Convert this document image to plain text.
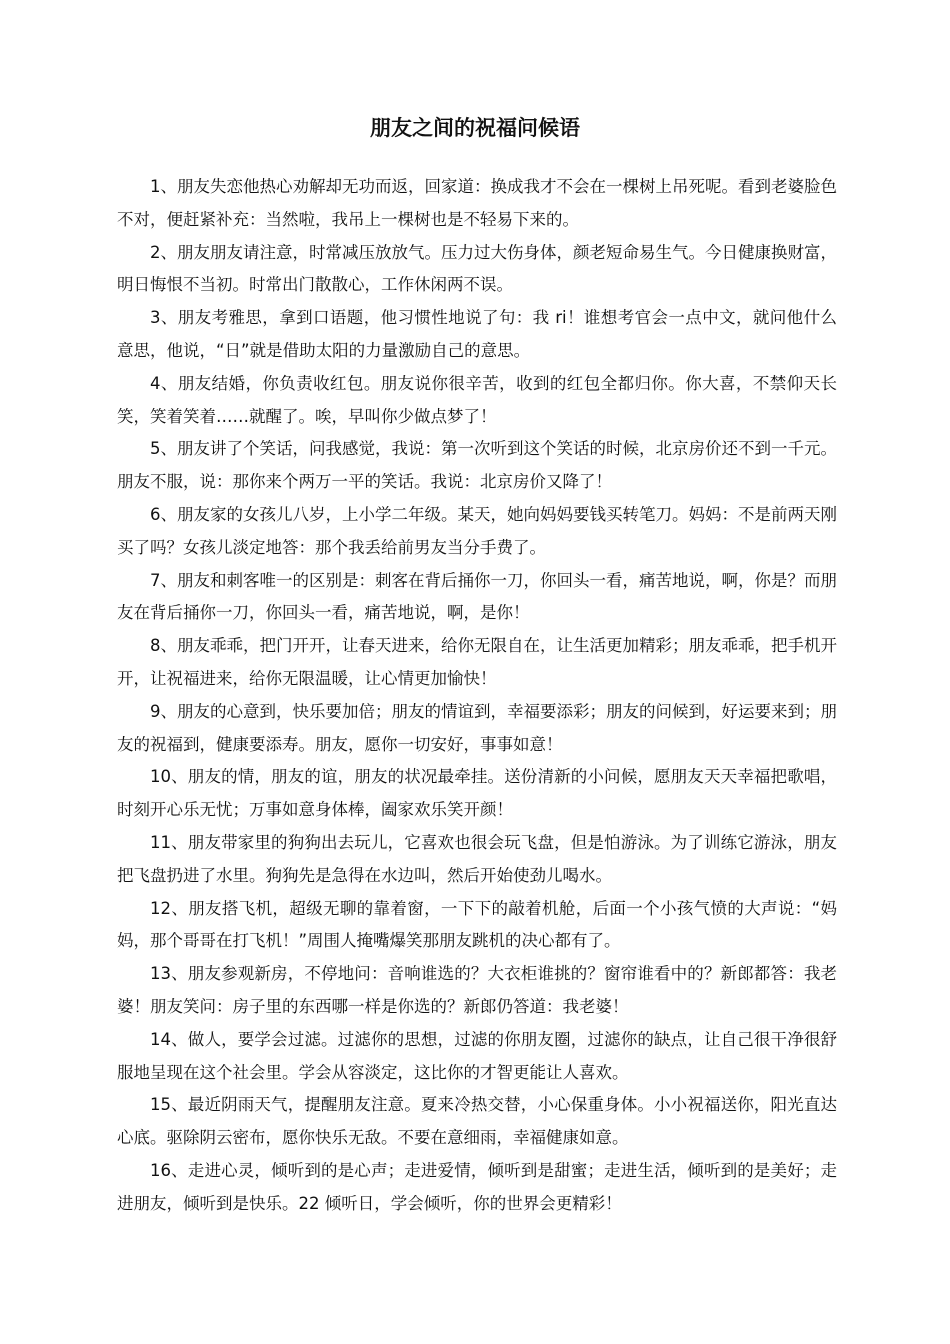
朋友之间的祝福问候语

1、朋友失恋他热心劝解却无功而返，回家道：换成我才不会在一棵树上吊死呢。看到老婆脸色不对，便赶紧补充：当然啦，我吊上一棵树也是不轻易下来的。

2、朋友朋友请注意，时常减压放放气。压力过大伤身体，颜老短命易生气。今日健康换财富，明日悔恨不当初。时常出门散散心，工作休闲两不误。

3、朋友考雅思，拿到口语题，他习惯性地说了句：我 ri！谁想考官会一点中文，就问他什么意思，他说，“日”就是借助太阳的力量激励自己的意思。

4、朋友结婚，你负责收红包。朋友说你很辛苦，收到的红包全都归你。你大喜，不禁仰天长笑，笑着笑着……就醒了。唉，早叫你少做点梦了！

5、朋友讲了个笑话，问我感觉，我说：第一次听到这个笑话的时候，北京房价还不到一千元。朋友不服，说：那你来个两万一平的笑话。我说：北京房价又降了！

6、朋友家的女孩儿八岁，上小学二年级。某天，她向妈妈要钱买转笔刀。妈妈：不是前两天刚买了吗？女孩儿淡定地答：那个我丢给前男友当分手费了。

7、朋友和刺客唯一的区别是：刺客在背后捅你一刀，你回头一看，痛苦地说，啊，你是？而朋友在背后捅你一刀，你回头一看，痛苦地说，啊，是你！

8、朋友乖乖，把门开开，让春天进来，给你无限自在，让生活更加精彩；朋友乖乖，把手机开开，让祝福进来，给你无限温暖，让心情更加愉快！

9、朋友的心意到，快乐要加倍；朋友的情谊到，幸福要添彩；朋友的问候到，好运要来到；朋友的祝福到，健康要添寿。朋友，愿你一切安好，事事如意！

10、朋友的情，朋友的谊，朋友的状况最牵挂。送份清新的小问候，愿朋友天天幸福把歌唱，时刻开心乐无忧；万事如意身体棒，阖家欢乐笑开颜！

11、朋友带家里的狗狗出去玩儿，它喜欢也很会玩飞盘，但是怕游泳。为了训练它游泳，朋友把飞盘扔进了水里。狗狗先是急得在水边叫，然后开始使劲儿喝水。

12、朋友搭飞机，超级无聊的靠着窗，一下下的敲着机舱，后面一个小孩气愤的大声说：“妈妈，那个哥哥在打飞机！”周围人掩嘴爆笑那朋友跳机的决心都有了。

13、朋友参观新房，不停地问：音响谁选的？大衣柜谁挑的？窗帘谁看中的？新郎都答：我老婆！朋友笑问：房子里的东西哪一样是你选的？新郎仍答道：我老婆！

14、做人，要学会过滤。过滤你的思想，过滤的你朋友圈，过滤你的缺点，让自己很干净很舒服地呈现在这个社会里。学会从容淡定，这比你的才智更能让人喜欢。

15、最近阴雨天气，提醒朋友注意。夏来冷热交替，小心保重身体。小小祝福送你，阳光直达心底。驱除阴云密布，愿你快乐无敌。不要在意细雨，幸福健康如意。

16、走进心灵，倾听到的是心声；走进爱情，倾听到是甜蜜；走进生活，倾听到的是美好；走进朋友，倾听到是快乐。22 倾听日，学会倾听，你的世界会更精彩！
